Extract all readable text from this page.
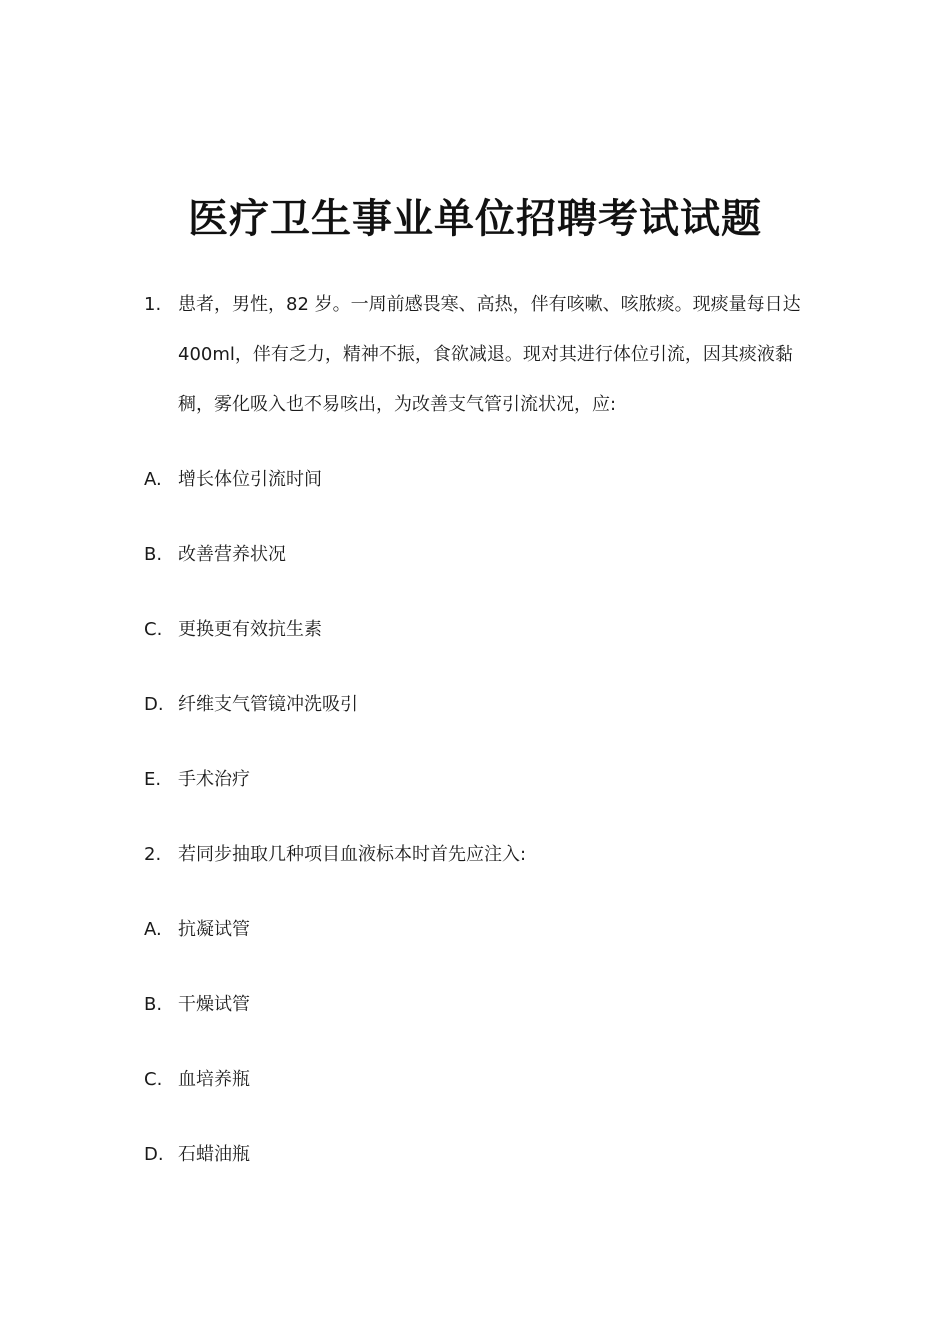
医疗卫生事业单位招聘考试试题
1. 患者，男性，82 岁。一周前感畏寒、高热，伴有咳嗽、咳脓痰。现痰量每日达 400ml，伴有乏力，精神不振，食欲减退。现对其进行体位引流，因其痰液黏稠，雾化吸入也不易咳出，为改善支气管引流状况，应:
A. 增长体位引流时间
B. 改善营养状况
C. 更换更有效抗生素
D. 纤维支气管镜冲洗吸引
E. 手术治疗
2. 若同步抽取几种项目血液标本时首先应注入:
A. 抗凝试管
B. 干燥试管
C. 血培养瓶
D. 石蜡油瓶
